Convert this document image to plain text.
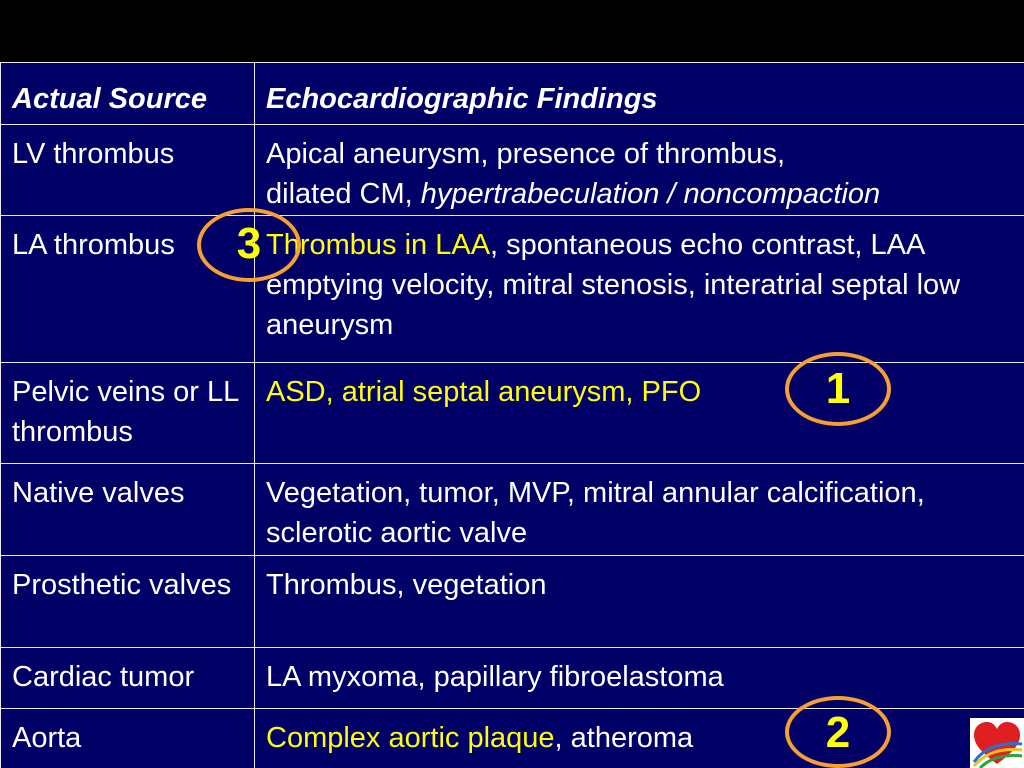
Actual Source	Echocardiographic Findings
LV thrombus	Apical aneurysm, presence of thrombus,
dilated CM, hypertrabeculation / noncompaction
LA thrombus	Thrombus in LAA, spontaneous echo contrast, LAA emptying velocity, mitral stenosis, interatrial septal low aneurysm
Pelvic veins or LL thrombus	ASD, atrial septal aneurysm, PFO
Native valves	Vegetation, tumor, MVP, mitral annular calcification, sclerotic aortic valve
Prosthetic valves	Thrombus, vegetation
Cardiac tumor	LA myxoma, papillary fibroelastoma
Aorta	Complex aortic plaque, atheroma
3
1
2
